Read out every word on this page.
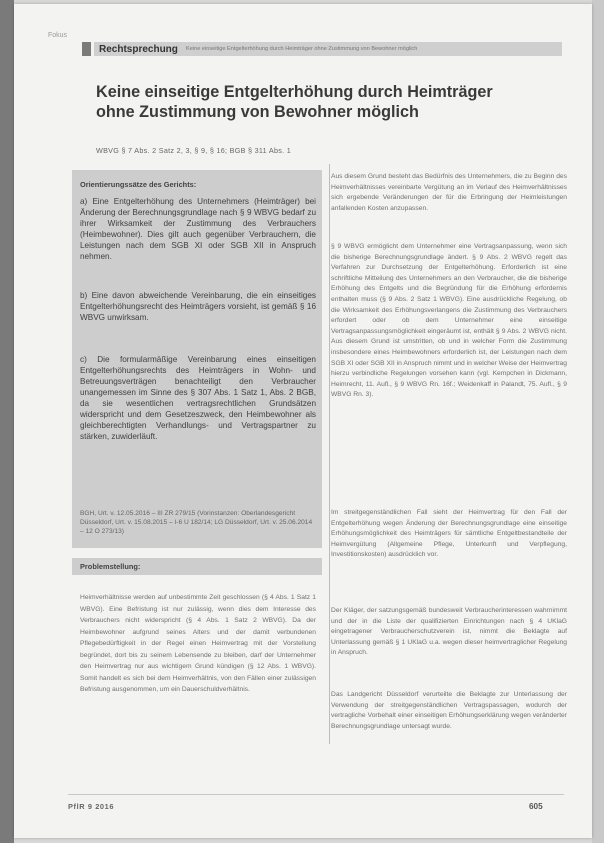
Fokus
Rechtsprechung Keine einseitige Entgelterhöhung durch Heimträger ohne Zustimmung von Bewohner möglich
Keine einseitige Entgelterhöhung durch Heimträger ohne Zustimmung von Bewohner möglich
WBVG § 7 Abs. 2 Satz 2, 3, § 9, § 16; BGB § 311 Abs. 1
Orientierungssätze des Gerichts:
a) Eine Entgelterhöhung des Unternehmers (Heimträger) bei Änderung der Berechnungsgrundlage nach § 9 WBVG bedarf zu ihrer Wirksamkeit der Zustimmung des Verbrauchers (Heimbewohner). Dies gilt auch gegenüber Verbrauchern, die Leistungen nach dem SGB XI oder SGB XII in Anspruch nehmen.
b) Eine davon abweichende Vereinbarung, die ein einseitiges Entgelterhöhungsrecht des Heimträgers vorsieht, ist gemäß § 16 WBVG unwirksam.
c) Die formularmäßige Vereinbarung eines einseitigen Entgelterhöhungsrechts des Heimträgers in Wohn- und Betreuungsverträgen benachteiligt den Verbraucher unangemessen im Sinne des § 307 Abs. 1 Satz 1, Abs. 2 BGB, da sie wesentlichen vertragsrechtlichen Grundsätzen widerspricht und dem Gesetzeszweck, den Heimbewohner als gleichberechtigten Verhandlungs- und Vertragspartner zu stärken, zuwiderläuft.
BGH, Urt. v. 12.05.2016 – III ZR 279/15 (Vorinstanzen: Oberlandesgericht Düsseldorf, Urt. v. 15.08.2015 – I-6 U 182/14; LG Düsseldorf, Urt. v. 25.06.2014 – 12 O 273/13)
Problemstellung:
Heimverhältnisse werden auf unbestimmte Zeit geschlossen (§ 4 Abs. 1 Satz 1 WBVG). Eine Befristung ist nur zulässig, wenn dies dem Interesse des Verbrauchers nicht widerspricht (§ 4 Abs. 1 Satz 2 WBVG). Da der Heimbewohner aufgrund seines Alters und der damit verbundenen Pflegebedürftigkeit in der Regel einen Heimvertrag mit der Vorstellung begründet, dort bis zu seinem Lebensende zu bleiben, darf der Unternehmer den Heimvertrag nur aus wichtigem Grund kündigen (§ 12 Abs. 1 WBVG). Somit handelt es sich bei dem Heimverhältnis, von den Fällen einer zulässigen Befristung ausgenommen, um ein Dauerschuldverhältnis.
Aus diesem Grund besteht das Bedürfnis des Unternehmers, die zu Beginn des Heimverhältnisses vereinbarte Vergütung an im Verlauf des Heimverhältnisses sich ergebende Veränderungen der für die Erbringung der Heimleistungen anfallenden Kosten anzupassen.
§ 9 WBVG ermöglicht dem Unternehmer eine Vertragsanpassung, wenn sich die bisherige Berechnungsgrundlage ändert. § 9 Abs. 2 WBVG regelt das Verfahren zur Durchsetzung der Entgelterhöhung. Erforderlich ist eine schriftliche Mitteilung des Unternehmers an den Verbraucher, die die bisherige Erhöhung des Entgelts und die Begründung für die Erhöhung erfordernis enthalten muss (§ 9 Abs. 2 Satz 1 WBVG). Eine ausdrückliche Regelung, ob die Wirksamkeit des Erhöhungsverlangens die Zustimmung des Verbrauchers erfordert oder ob dem Unternehmer eine einseitige Vertragsanpassungsmöglichkeit eingeräumt ist, enthält § 9 Abs. 2 WBVG nicht. Aus diesem Grund ist umstritten, ob und in welcher Form die Zustimmung insbesondere eines Heimbewohners erforderlich ist, der Leistungen nach dem SGB XI oder SGB XII in Anspruch nimmt und in welcher Weise der Heimvertrag hierzu verbindliche Regelungen vorsehen kann (vgl. Kempchen in Dickmann, Heimrecht, 11. Aufl., § 9 WBVG Rn. 16f.; Weidenkaff in Palandt, 75. Aufl., § 9 WBVG Rn. 3).
Im streitgegenständlichen Fall sieht der Heimvertrag für den Fall der Entgelterhöhung wegen Änderung der Berechnungsgrundlage eine einseitige Erhöhungsmöglichkeit des Heimträgers für sämtliche Entgeltbestandteile der Heimvergütung (Allgemeine Pflege, Unterkunft und Verpflegung, Investitionskosten) ausdrücklich vor.
Der Kläger, der satzungsgemäß bundesweit Verbraucherinteressen wahrnimmt und der in die Liste der qualifizierten Einrichtungen nach § 4 UKlaG eingetragener Verbraucherschutzverein ist, nimmt die Beklagte auf Unterlassung gemäß § 1 UKlaG u.a. wegen dieser heimvertraglicher Regelung in Anspruch.
Das Landgericht Düsseldorf verurteilte die Beklagte zur Unterlassung der Verwendung der streitgegenständlichen Vertragspassagen, wodurch der vertragliche Vorbehalt einer einseitigen Erhöhungserklärung wegen veränderter Berechnungsgrundlage untersagt wurde.
PflR 9 2016	605
